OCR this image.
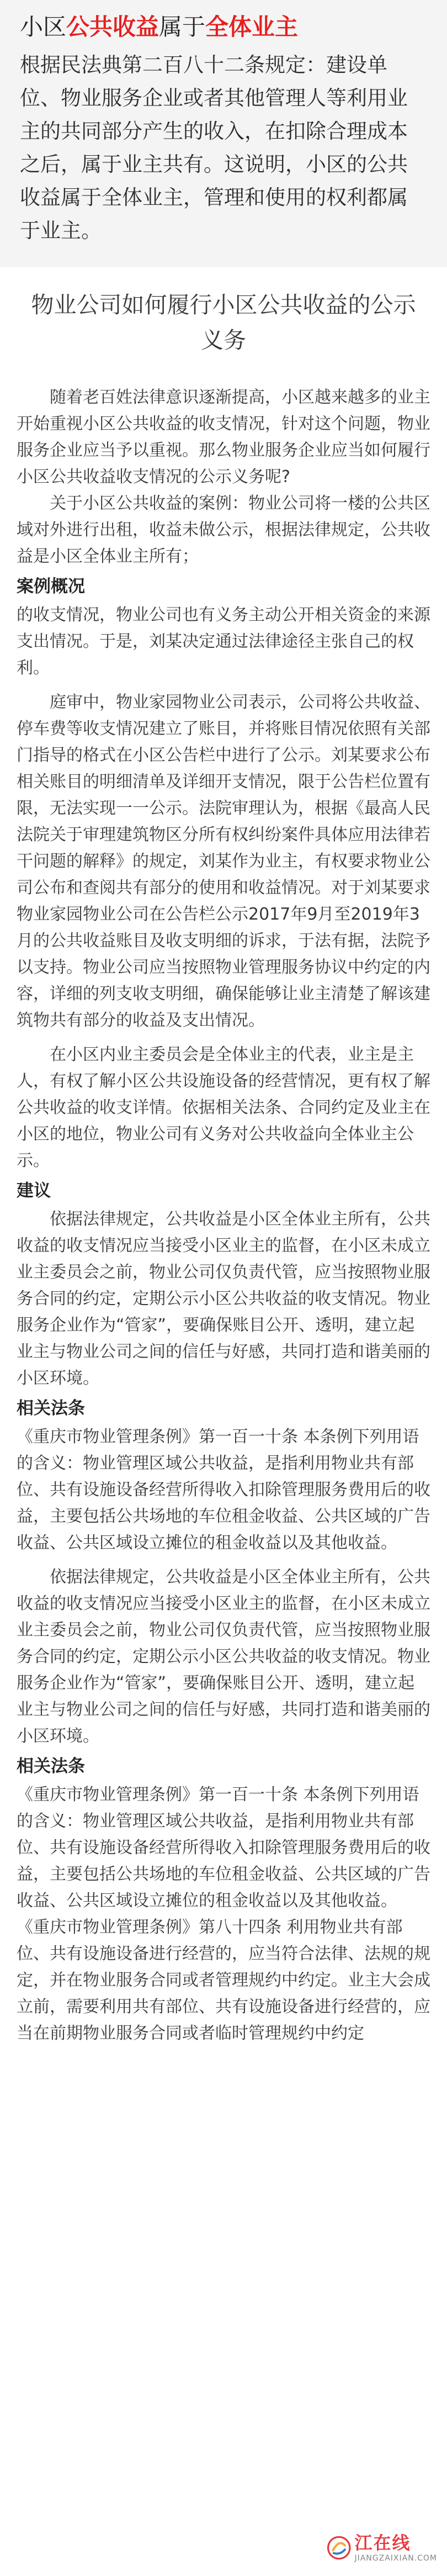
小区公共收益属于全体业主

根据民法典第二百八十二条规定：建设单位、物业服务企业或者其他管理人等利用业主的共同部分产生的收入，在扣除合理成本之后，属于业主共有。这说明，小区的公共收益属于全体业主，管理和使用的权利都属于业主。

物业公司如何履行小区公共收益的公示义务

随着老百姓法律意识逐渐提高，小区越来越多的业主开始重视小区公共收益的收支情况，针对这个问题，物业服务企业应当予以重视。那么物业服务企业应当如何履行小区公共收益收支情况的公示义务呢?

关于小区公共收益的案例：物业公司将一楼的公共区域对外进行出租，收益未做公示，根据法律规定，公共收益是小区全体业主所有；

案例概况

的收支情况，物业公司也有义务主动公开相关资金的来源支出情况。于是，刘某决定通过法律途径主张自己的权利。

庭审中，物业家园物业公司表示，公司将公共收益、停车费等收支情况建立了账目，并将账目情况依照有关部门指导的格式在小区公告栏中进行了公示。刘某要求公布相关账目的明细清单及详细开支情况，限于公告栏位置有限，无法实现一一公示。法院审理认为，根据《最高人民法院关于审理建筑物区分所有权纠纷案件具体应用法律若干问题的解释》的规定，刘某作为业主，有权要求物业公司公布和查阅共有部分的使用和收益情况。对于刘某要求物业家园物业公司在公告栏公示2017年9月至2019年3月的公共收益账目及收支明细的诉求，于法有据，法院予以支持。物业公司应当按照物业管理服务协议中约定的内容，详细的列支收支明细，确保能够让业主清楚了解该建筑物共有部分的收益及支出情况。

在小区内业主委员会是全体业主的代表，业主是主人，有权了解小区公共设施设备的经营情况，更有权了解公共收益的收支详情。依据相关法条、合同约定及业主在小区的地位，物业公司有义务对公共收益向全体业主公示。

建议

依据法律规定，公共收益是小区全体业主所有，公共收益的收支情况应当接受小区业主的监督，在小区未成立业主委员会之前，物业公司仅负责代管，应当按照物业服务合同的约定，定期公示小区公共收益的收支情况。物业服务企业作为“管家”，要确保账目公开、透明，建立起业主与物业公司之间的信任与好感，共同打造和谐美丽的小区环境。

相关法条

《重庆市物业管理条例》第一百一十条 本条例下列用语的含义：物业管理区域公共收益，是指利用物业共有部位、共有设施设备经营所得收入扣除管理服务费用后的收益，主要包括公共场地的车位租金收益、公共区域的广告收益、公共区域设立摊位的租金收益以及其他收益。

依据法律规定，公共收益是小区全体业主所有，公共收益的收支情况应当接受小区业主的监督，在小区未成立业主委员会之前，物业公司仅负责代管，应当按照物业服务合同的约定，定期公示小区公共收益的收支情况。物业服务企业作为“管家”，要确保账目公开、透明，建立起业主与物业公司之间的信任与好感，共同打造和谐美丽的小区环境。

相关法条

《重庆市物业管理条例》第一百一十条 本条例下列用语的含义：物业管理区域公共收益，是指利用物业共有部位、共有设施设备经营所得收入扣除管理服务费用后的收益，主要包括公共场地的车位租金收益、公共区域的广告收益、公共区域设立摊位的租金收益以及其他收益。

《重庆市物业管理条例》第八十四条 利用物业共有部位、共有设施设备进行经营的，应当符合法律、法规的规定，并在物业服务合同或者管理规约中约定。业主大会成立前，需要利用共有部位、共有设施设备进行经营的，应当在前期物业服务合同或者临时管理规约中约定

江在线
JIANGZAIXIAN.COM
